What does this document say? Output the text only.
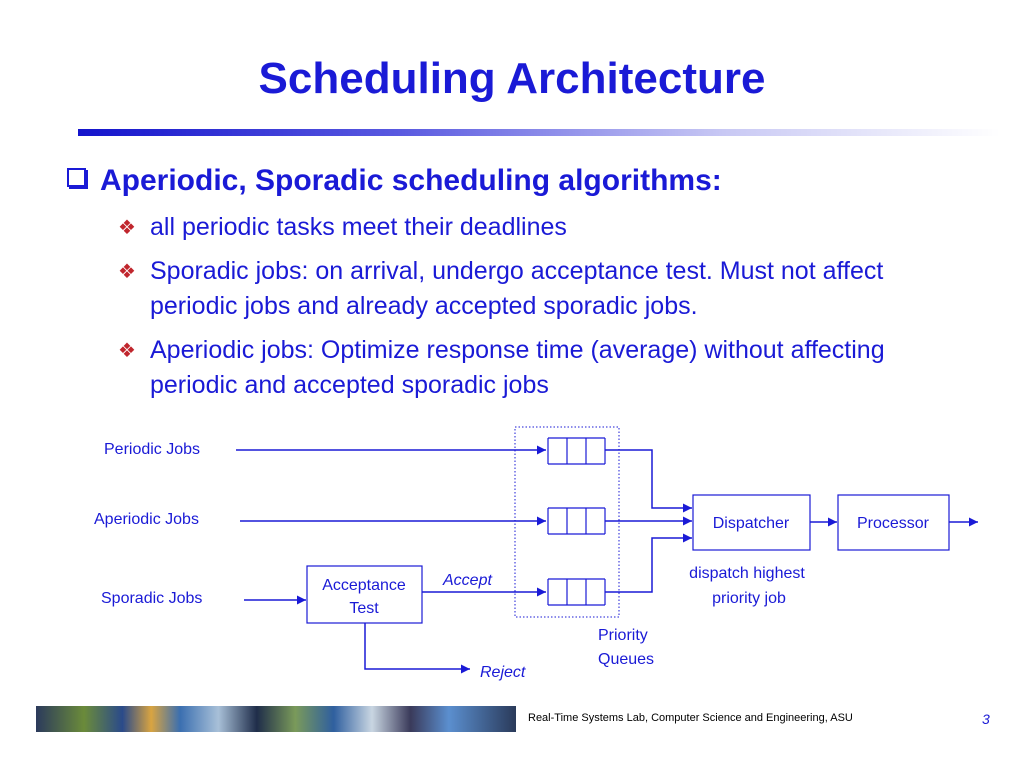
Scheduling Architecture
Aperiodic, Sporadic scheduling algorithms:
❖ all periodic tasks meet their deadlines
❖ Sporadic jobs: on arrival, undergo acceptance test. Must not affect periodic jobs and already accepted sporadic jobs.
❖ Aperiodic jobs: Optimize response time (average) without affecting periodic and accepted sporadic jobs
Periodic Jobs
Aperiodic Jobs
Sporadic Jobs
Acceptance
Test
Accept
Reject
Dispatcher	Processor
dispatch highest
priority job
Priority
Queues
Real-Time Systems Lab, Computer Science and Engineering, ASU	3
